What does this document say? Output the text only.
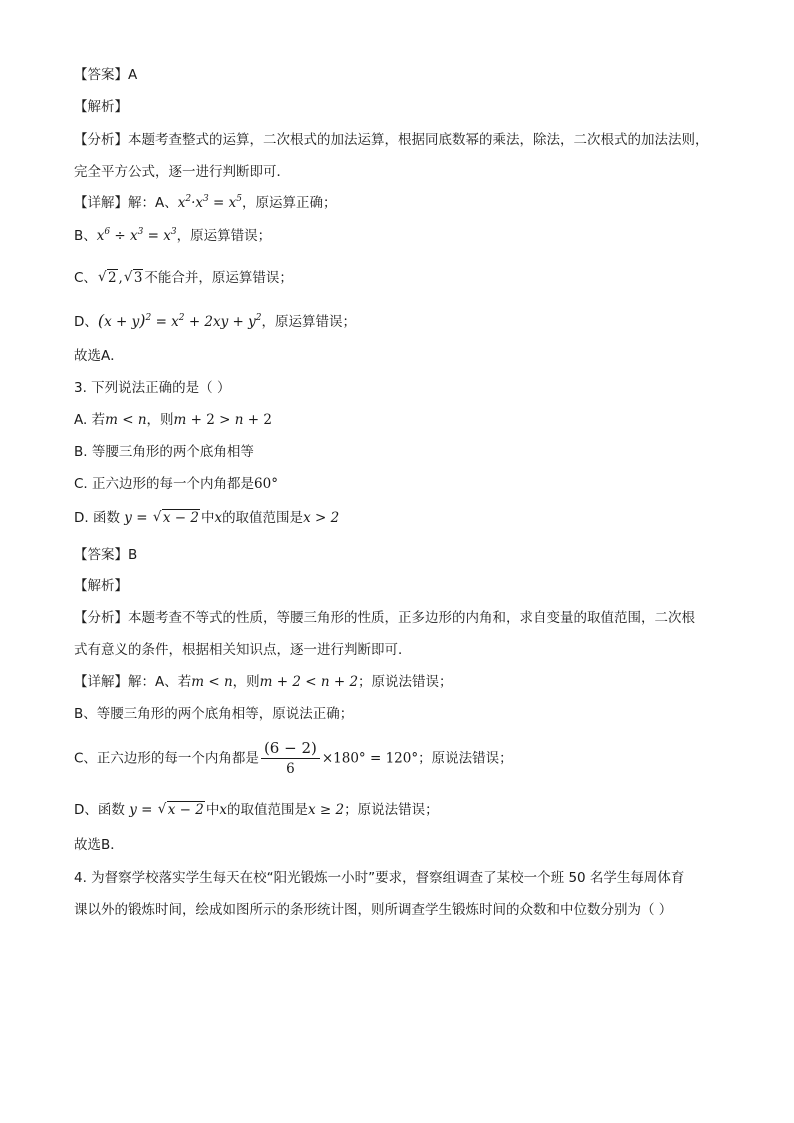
【答案】A
【解析】
【分析】本题考查整式的运算，二次根式的加法运算，根据同底数幂的乘法，除法，二次根式的加法法则，
完全平方公式，逐一进行判断即可．
【详解】解：A、$x^2\cdot x^3 = x^5$，原运算正确；
B、$x^6 \div x^3 = x^3$，原运算错误；
C、 √ 2 , √ 3 不能合并，原运算错误；
D、$(x + y)^2 = x^2 + 2xy + y^2$，原运算错误；
故选A．
3. 下列说法正确的是（ ）
A. 若m < n，则m + 2 > n + 2
B. 等腰三角形的两个底角相等
C. 正六边形的每一个内角都是60°
D. 函数 y = √ x − 2 中x的取值范围是x > 2
【答案】B
【解析】
【分析】本题考查不等式的性质，等腰三角形的性质，正多边形的内角和，求自变量的取值范围，二次根
式有意义的条件，根据相关知识点，逐一进行判断即可．
【详解】解：A、若m < n，则m + 2 < n + 2；原说法错误；
B、等腰三角形的两个底角相等，原说法正确；
C、正六边形的每一个内角都是 $\frac{(6 - 2)}{6} \times 180^\circ = 120^\circ$；原说法错误；
D、函数 y = √ x − 2 中x的取值范围是x ≥ 2；原说法错误；
故选B．
4. 为督察学校落实学生每天在校“阳光锻炼一小时”要求，督察组调查了某校一个班 50 名学生每周体育
课以外的锻炼时间，绘成如图所示的条形统计图，则所调查学生锻炼时间的众数和中位数分别为（ ）
